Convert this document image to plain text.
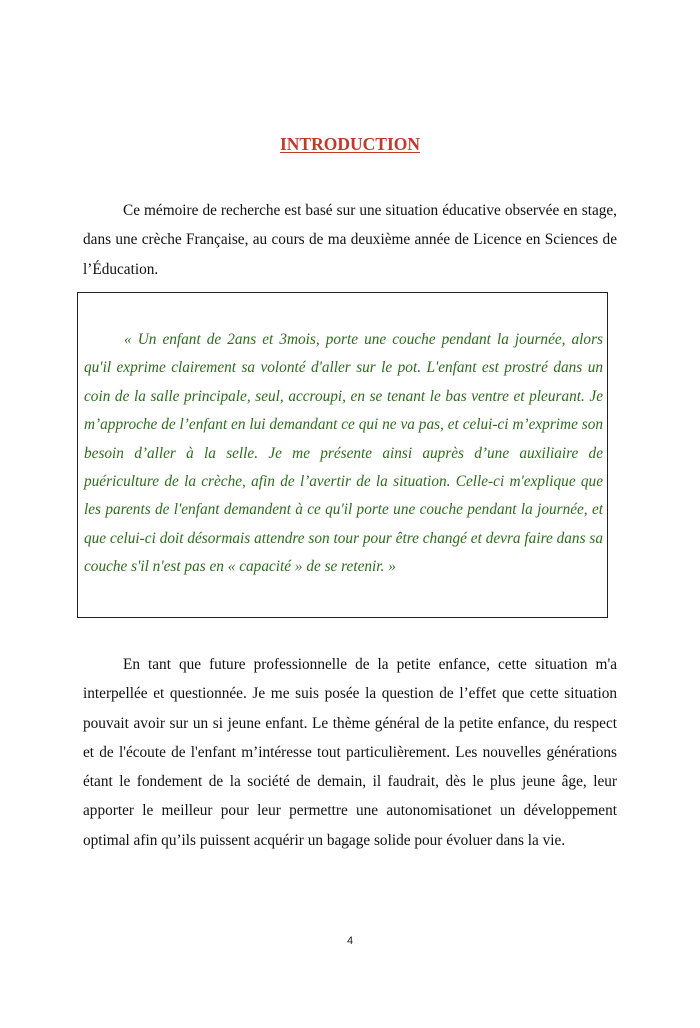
INTRODUCTION

Ce mémoire de recherche est basé sur une situation éducative observée en stage, dans une crèche Française, au cours de ma deuxième année de Licence en Sciences de l’Éducation.

« Un enfant de 2ans et 3mois, porte une couche pendant la journée, alors qu'il exprime clairement sa volonté d'aller sur le pot. L'enfant est prostré dans un coin de la salle principale, seul, accroupi, en se tenant le bas ventre et pleurant. Je m’approche de l’enfant en lui demandant ce qui ne va pas, et celui-ci m’exprime son besoin d’aller à la selle. Je me présente ainsi auprès d’une auxiliaire de puériculture de la crèche, afin de l’avertir de la situation. Celle-ci m'explique que les parents de l'enfant demandent à ce qu'il porte une couche pendant la journée, et que celui-ci doit désormais attendre son tour pour être changé et devra faire dans sa couche s'il n'est pas en « capacité » de se retenir. »

En tant que future professionnelle de la petite enfance, cette situation m'a interpellée et questionnée. Je me suis posée la question de l’effet que cette situation pouvait avoir sur un si jeune enfant. Le thème général de la petite enfance, du respect et de l'écoute de l'enfant m’intéresse tout particulièrement. Les nouvelles générations étant le fondement de la société de demain, il faudrait, dès le plus jeune âge, leur apporter le meilleur pour leur permettre une autonomisationet un développement optimal afin qu’ils puissent acquérir un bagage solide pour évoluer dans la vie.

4
